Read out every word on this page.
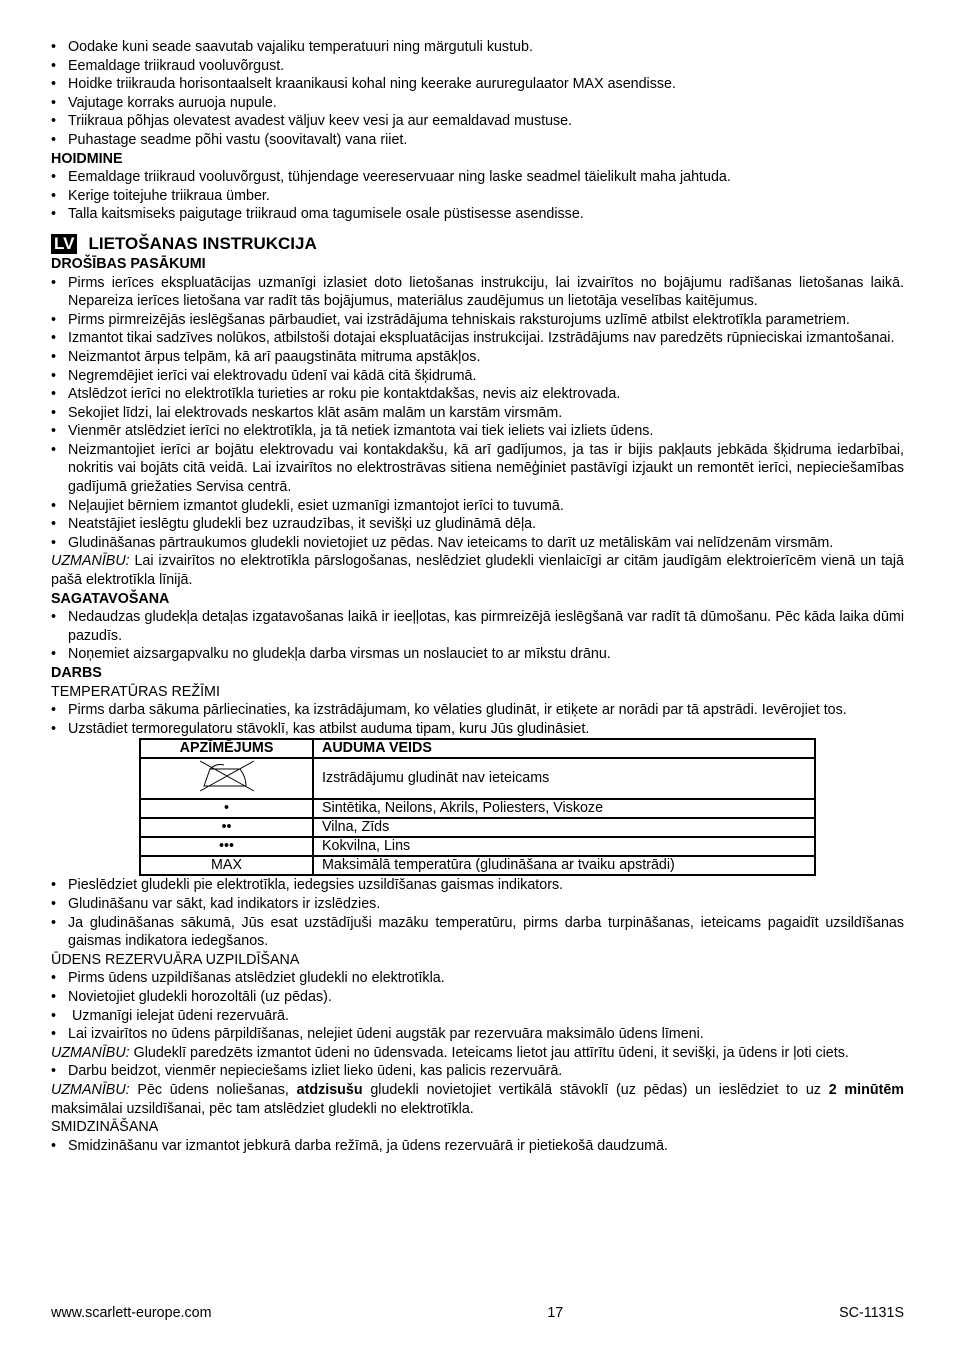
• Oodake kuni seade saavutab vajaliku temperatuuri ning märgutuli kustub.
• Eemaldage triikraud vooluvõrgust.
• Hoidke triikrauda horisontaalselt kraanikausi kohal ning keerake aururegulaator MAX asendisse.
• Vajutage korraks auruoja nupule.
• Triikraua põhjas olevatest avadest väljuv keev vesi ja aur eemaldavad mustuse.
• Puhastage seadme põhi vastu (soovitavalt) vana riiet.
HOIDMINE
• Eemaldage triikraud vooluvõrgust, tühjendage veereservuaar ning laske seadmel täielikult maha jahtuda.
• Kerige toitejuhe triikraua ümber.
• Talla kaitsmiseks paigutage triikraud oma tagumisele osale püstisesse asendisse.
LV LIETOŠANAS INSTRUKCIJA
DROŠĪBAS PASĀKUMI
• Pirms ierīces ekspluatācijas uzmanīgi izlasiet doto lietošanas instrukciju, lai izvairītos no bojājumu radīšanas lietošanas laikā. Nepareiza ierīces lietošana var radīt tās bojājumus, materiālus zaudējumus un lietotāja veselības kaitējumus.
• Pirms pirmreizējās ieslēgšanas pārbaudiet, vai izstrādājuma tehniskais raksturojums uzlīmē atbilst elektrotīkla parametriem.
• Izmantot tikai sadzīves nolūkos, atbilstoši dotajai ekspluatācijas instrukcijai. Izstrādājums nav paredzēts rūpnieciskai izmantošanai.
• Neizmantot ārpus telpām, kā arī paaugstināta mitruma apstākļos.
• Negremdējiet ierīci vai elektrovadu ūdenī vai kādā citā šķidrumā.
• Atslēdzot ierīci no elektrotīkla turieties ar roku pie kontaktdakšas, nevis aiz elektrovada.
• Sekojiet līdzi, lai elektrovads neskartos klāt asām malām un karstām virsmām.
• Vienmēr atslēdziet ierīci no elektrotīkla, ja tā netiek izmantota vai tiek ieliets vai izliets ūdens.
• Neizmantojiet ierīci ar bojātu elektrovadu vai kontakdakšu, kā arī gadījumos, ja tas ir bijis pakļauts jebkāda šķidruma iedarbībai, nokritis vai bojāts citā veidā. Lai izvairītos no elektrostrāvas sitiena nemēģiniet pastāvīgi izjaukt un remontēt ierīci, nepieciešamības gadījumā griežaties Servisa centrā.
• Neļaujiet bērniem izmantot gludekli, esiet uzmanīgi izmantojot ierīci to tuvumā.
• Neatstājiet ieslēgtu gludekli bez uzraudzības, it sevišķi uz gludināmā dēļa.
• Gludināšanas pārtraukumos gludekli novietojiet uz pēdas. Nav ieteicams to darīt uz metāliskām vai nelīdzenām virsmām.

UZMANĪBU: Lai izvairītos no elektrotīkla pārslogošanas, neslēdziet gludekli vienlaicīgi ar citām jaudīgām elektroierīcēm vienā un tajā pašā elektrotīkla līnijā.

SAGATAVOŠANA
• Nedaudzas gludekļa detaļas izgatavošanas laikā ir ieeļļotas, kas pirmreizējā ieslēgšanā var radīt tā dūmošanu. Pēc kāda laika dūmi pazudīs.
• Noņemiet aizsargapvalku no gludekļa darba virsmas un noslauciet to ar mīkstu drānu.
DARBS
TEMPERATŪRAS REŽĪMI
• Pirms darba sākuma pārliecinaties, ka izstrādājumam, ko vēlaties gludināt, ir etiķete ar norādi par tā apstrādi. Ievērojiet tos.
• Uzstādiet termoregulatoru stāvoklī, kas atbilst auduma tipam, kuru Jūs gludināsiet.
APZĪMĒJUMS	AUDUMA VEIDS
	Izstrādājumu gludināt nav ieteicams
•	Sintētika, Neilons, Akrils, Poliesters, Viskoze
••	Vilna, Zīds
•••	Kokvilna, Lins
MAX	Maksimālā temperatūra (gludināšana ar tvaiku apstrādi)
• Pieslēdziet gludekli pie elektrotīkla, iedegsies uzsildīšanas gaismas indikators.
• Gludināšanu var sākt, kad indikators ir izslēdzies.
• Ja gludināšanas sākumā, Jūs esat uzstādījuši mazāku temperatūru, pirms darba turpināšanas, ieteicams pagaidīt uzsildīšanas gaismas indikatora iedegšanos.
ŪDENS REZERVUĀRA UZPILDĪŠANA
• Pirms ūdens uzpildīšanas atslēdziet gludekli no elektrotīkla.
• Novietojiet gludekli horozoltāli (uz pēdas).
•  Uzmanīgi ielejat ūdeni rezervuārā.
• Lai izvairītos no ūdens pārpildīšanas, nelejiet ūdeni augstāk par rezervuāra maksimālo ūdens līmeni.

UZMANĪBU: Gludeklī paredzēts izmantot ūdeni no ūdensvada. Ieteicams lietot jau attīrītu ūdeni, it sevišķi, ja ūdens ir ļoti ciets.

• Darbu beidzot, vienmēr nepieciešams izliet lieko ūdeni, kas palicis rezervuārā.

UZMANĪBU: Pēc ūdens noliešanas, atdzisušu gludekli novietojiet vertikālā stāvoklī (uz pēdas) un ieslēdziet to uz 2 minūtēm maksimālai uzsildīšanai, pēc tam atslēdziet gludekli no elektrotīkla.

SMIDZINĀŠANA
• Smidzināšanu var izmantot jebkurā darba režīmā, ja ūdens rezervuārā ir pietiekošā daudzumā.
www.scarlett-europe.com	17	SC-1131S
